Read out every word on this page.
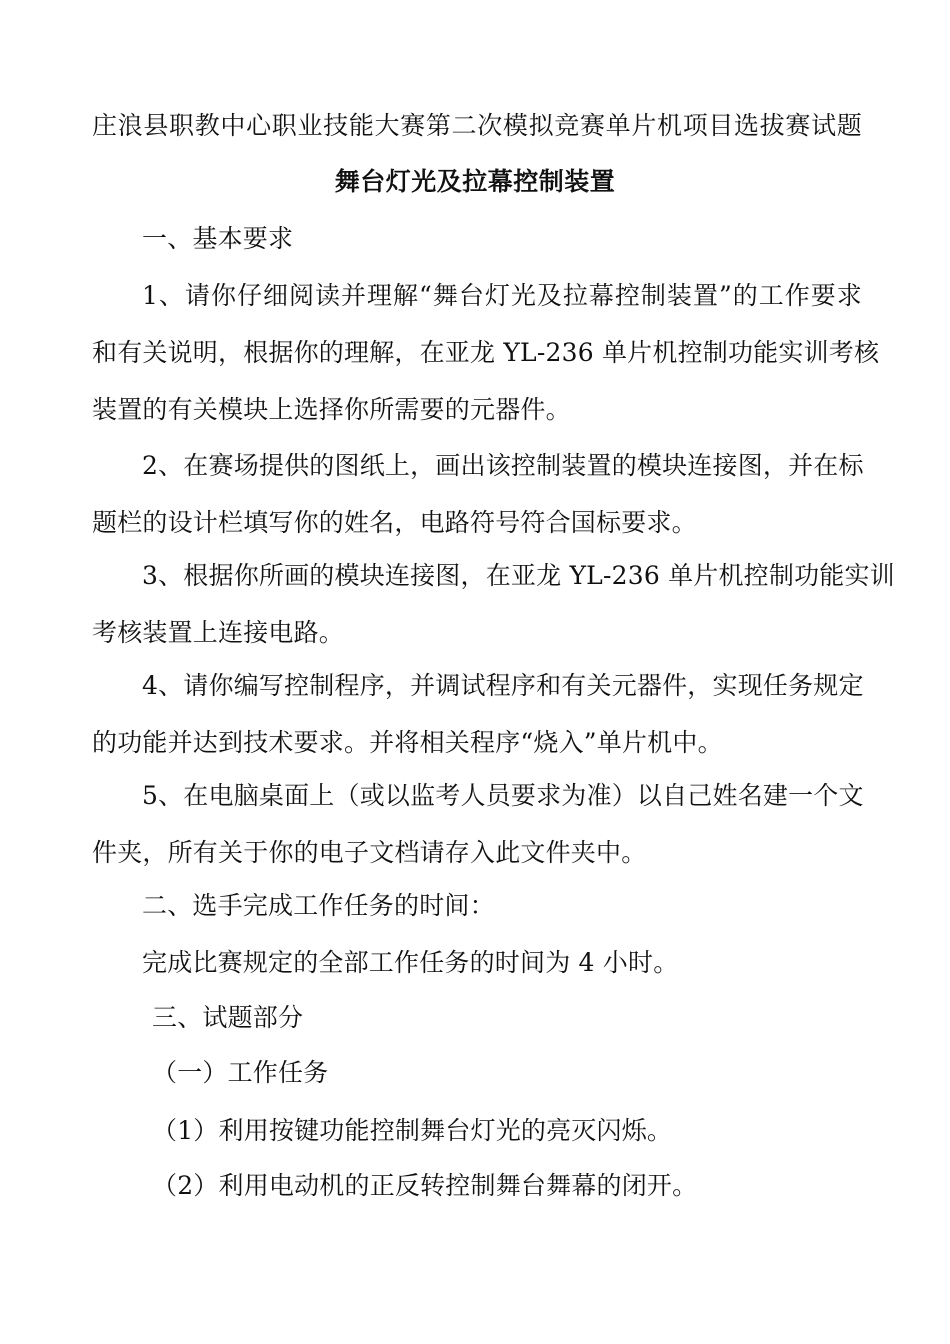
庄浪县职教中心职业技能大赛第二次模拟竞赛单片机项目选拔赛试题
舞台灯光及拉幕控制装置
一、基本要求
1、请你仔细阅读并理解“舞台灯光及拉幕控制装置”的工作要求
和有关说明，根据你的理解，在亚龙 YL-236 单片机控制功能实训考核
装置的有关模块上选择你所需要的元器件。
2、在赛场提供的图纸上，画出该控制装置的模块连接图，并在标
题栏的设计栏填写你的姓名，电路符号符合国标要求。
3、根据你所画的模块连接图，在亚龙 YL-236 单片机控制功能实训
考核装置上连接电路。
4、请你编写控制程序，并调试程序和有关元器件，实现任务规定
的功能并达到技术要求。并将相关程序“烧入”单片机中。
5、在电脑桌面上（或以监考人员要求为准）以自己姓名建一个文
件夹，所有关于你的电子文档请存入此文件夹中。
二、选手完成工作任务的时间：
完成比赛规定的全部工作任务的时间为 4 小时。
三、试题部分
（一）工作任务
（1）利用按键功能控制舞台灯光的亮灭闪烁。
（2）利用电动机的正反转控制舞台舞幕的闭开。
